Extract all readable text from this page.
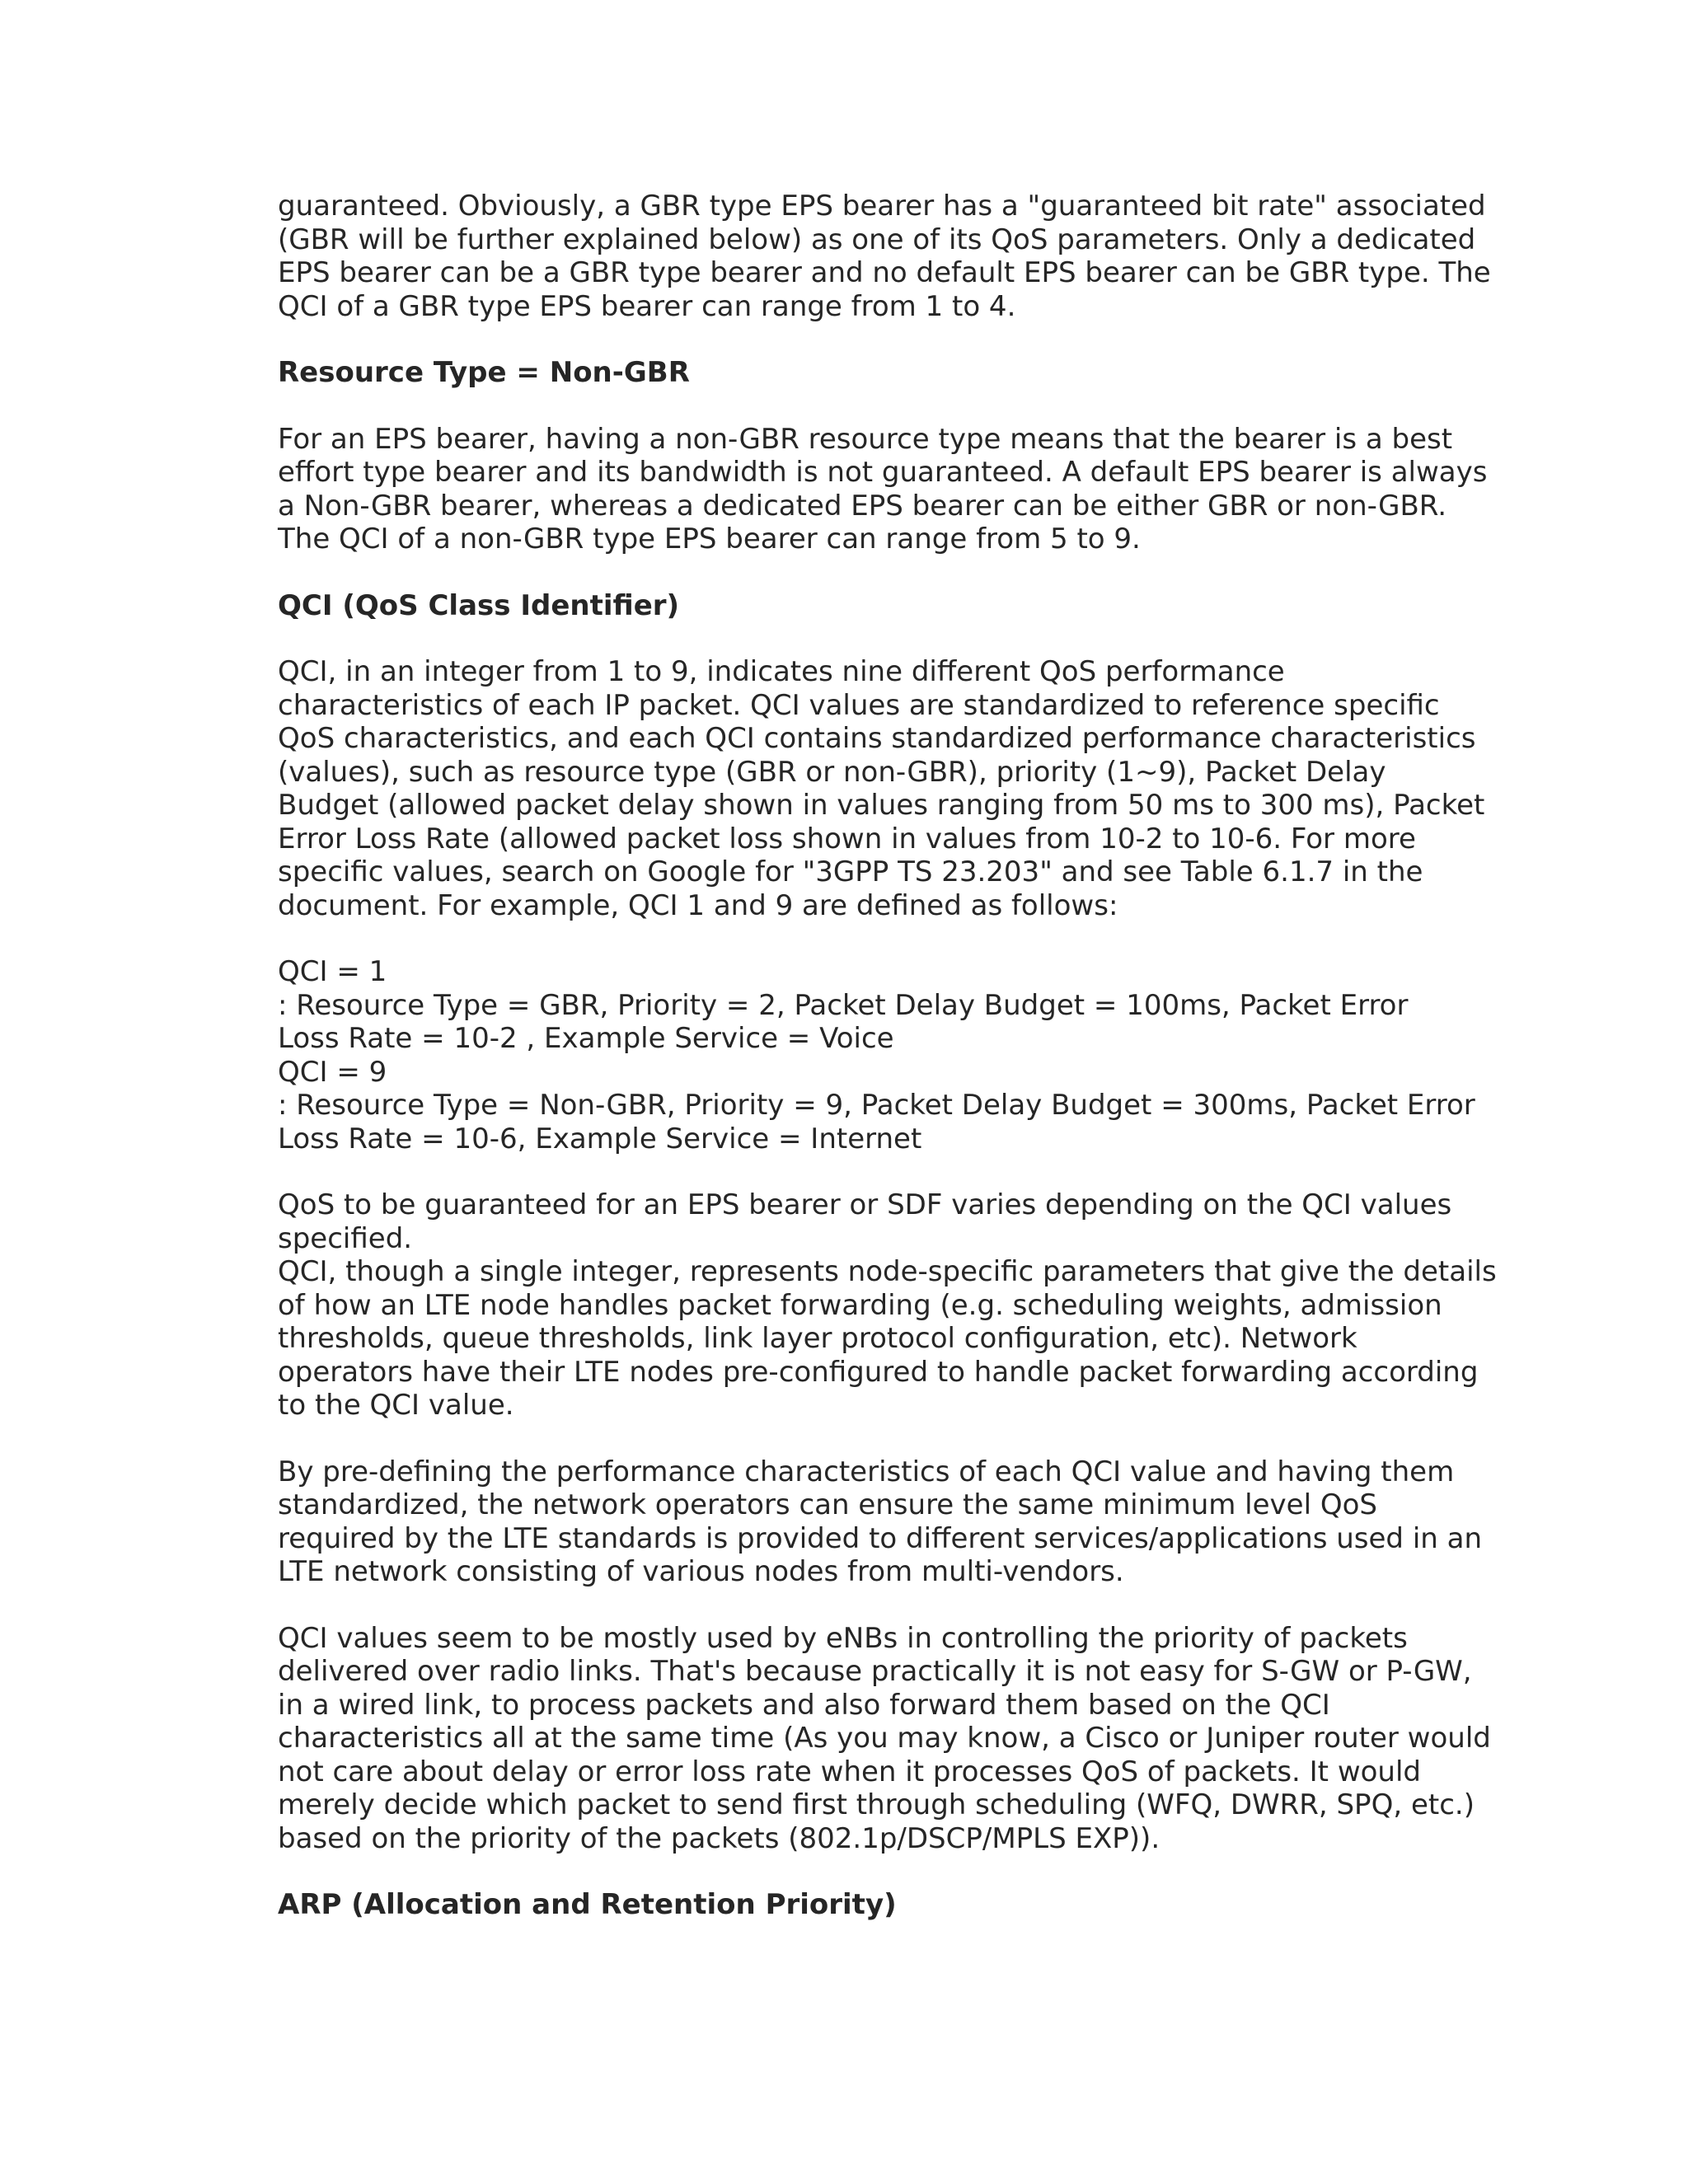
guaranteed. Obviously, a GBR type EPS bearer has a "guaranteed bit rate" associated
(GBR will be further explained below) as one of its QoS parameters. Only a dedicated
EPS bearer can be a GBR type bearer and no default EPS bearer can be GBR type. The
QCI of a GBR type EPS bearer can range from 1 to 4.
Resource Type = Non-GBR
For an EPS bearer, having a non-GBR resource type means that the bearer is a best
effort type bearer and its bandwidth is not guaranteed. A default EPS bearer is always
a Non-GBR bearer, whereas a dedicated EPS bearer can be either GBR or non-GBR.
The QCI of a non-GBR type EPS bearer can range from 5 to 9.
QCI (QoS Class Identifier)
QCI, in an integer from 1 to 9, indicates nine different QoS performance
characteristics of each IP packet. QCI values are standardized to reference specific
QoS characteristics, and each QCI contains standardized performance characteristics
(values), such as resource type (GBR or non-GBR), priority (1~9), Packet Delay
Budget (allowed packet delay shown in values ranging from 50 ms to 300 ms), Packet
Error Loss Rate (allowed packet loss shown in values from 10-2 to 10-6. For more
specific values, search on Google for "3GPP TS 23.203" and see Table 6.1.7 in the
document. For example, QCI 1 and 9 are defined as follows:
QCI = 1
: Resource Type = GBR, Priority = 2, Packet Delay Budget = 100ms, Packet Error
Loss Rate = 10-2 , Example Service = Voice
QCI = 9
: Resource Type = Non-GBR, Priority = 9, Packet Delay Budget = 300ms, Packet Error
Loss Rate = 10-6, Example Service = Internet
QoS to be guaranteed for an EPS bearer or SDF varies depending on the QCI values
specified.
QCI, though a single integer, represents node-specific parameters that give the details
of how an LTE node handles packet forwarding (e.g. scheduling weights, admission
thresholds, queue thresholds, link layer protocol configuration, etc). Network
operators have their LTE nodes pre-configured to handle packet forwarding according
to the QCI value.
By pre-defining the performance characteristics of each QCI value and having them
standardized, the network operators can ensure the same minimum level QoS
required by the LTE standards is provided to different services/applications used in an
LTE network consisting of various nodes from multi-vendors.
QCI values seem to be mostly used by eNBs in controlling the priority of packets
delivered over radio links. That's because practically it is not easy for S-GW or P-GW,
in a wired link, to process packets and also forward them based on the QCI
characteristics all at the same time (As you may know, a Cisco or Juniper router would
not care about delay or error loss rate when it processes QoS of packets. It would
merely decide which packet to send first through scheduling (WFQ, DWRR, SPQ, etc.)
based on the priority of the packets (802.1p/DSCP/MPLS EXP)).
ARP (Allocation and Retention Priority)
